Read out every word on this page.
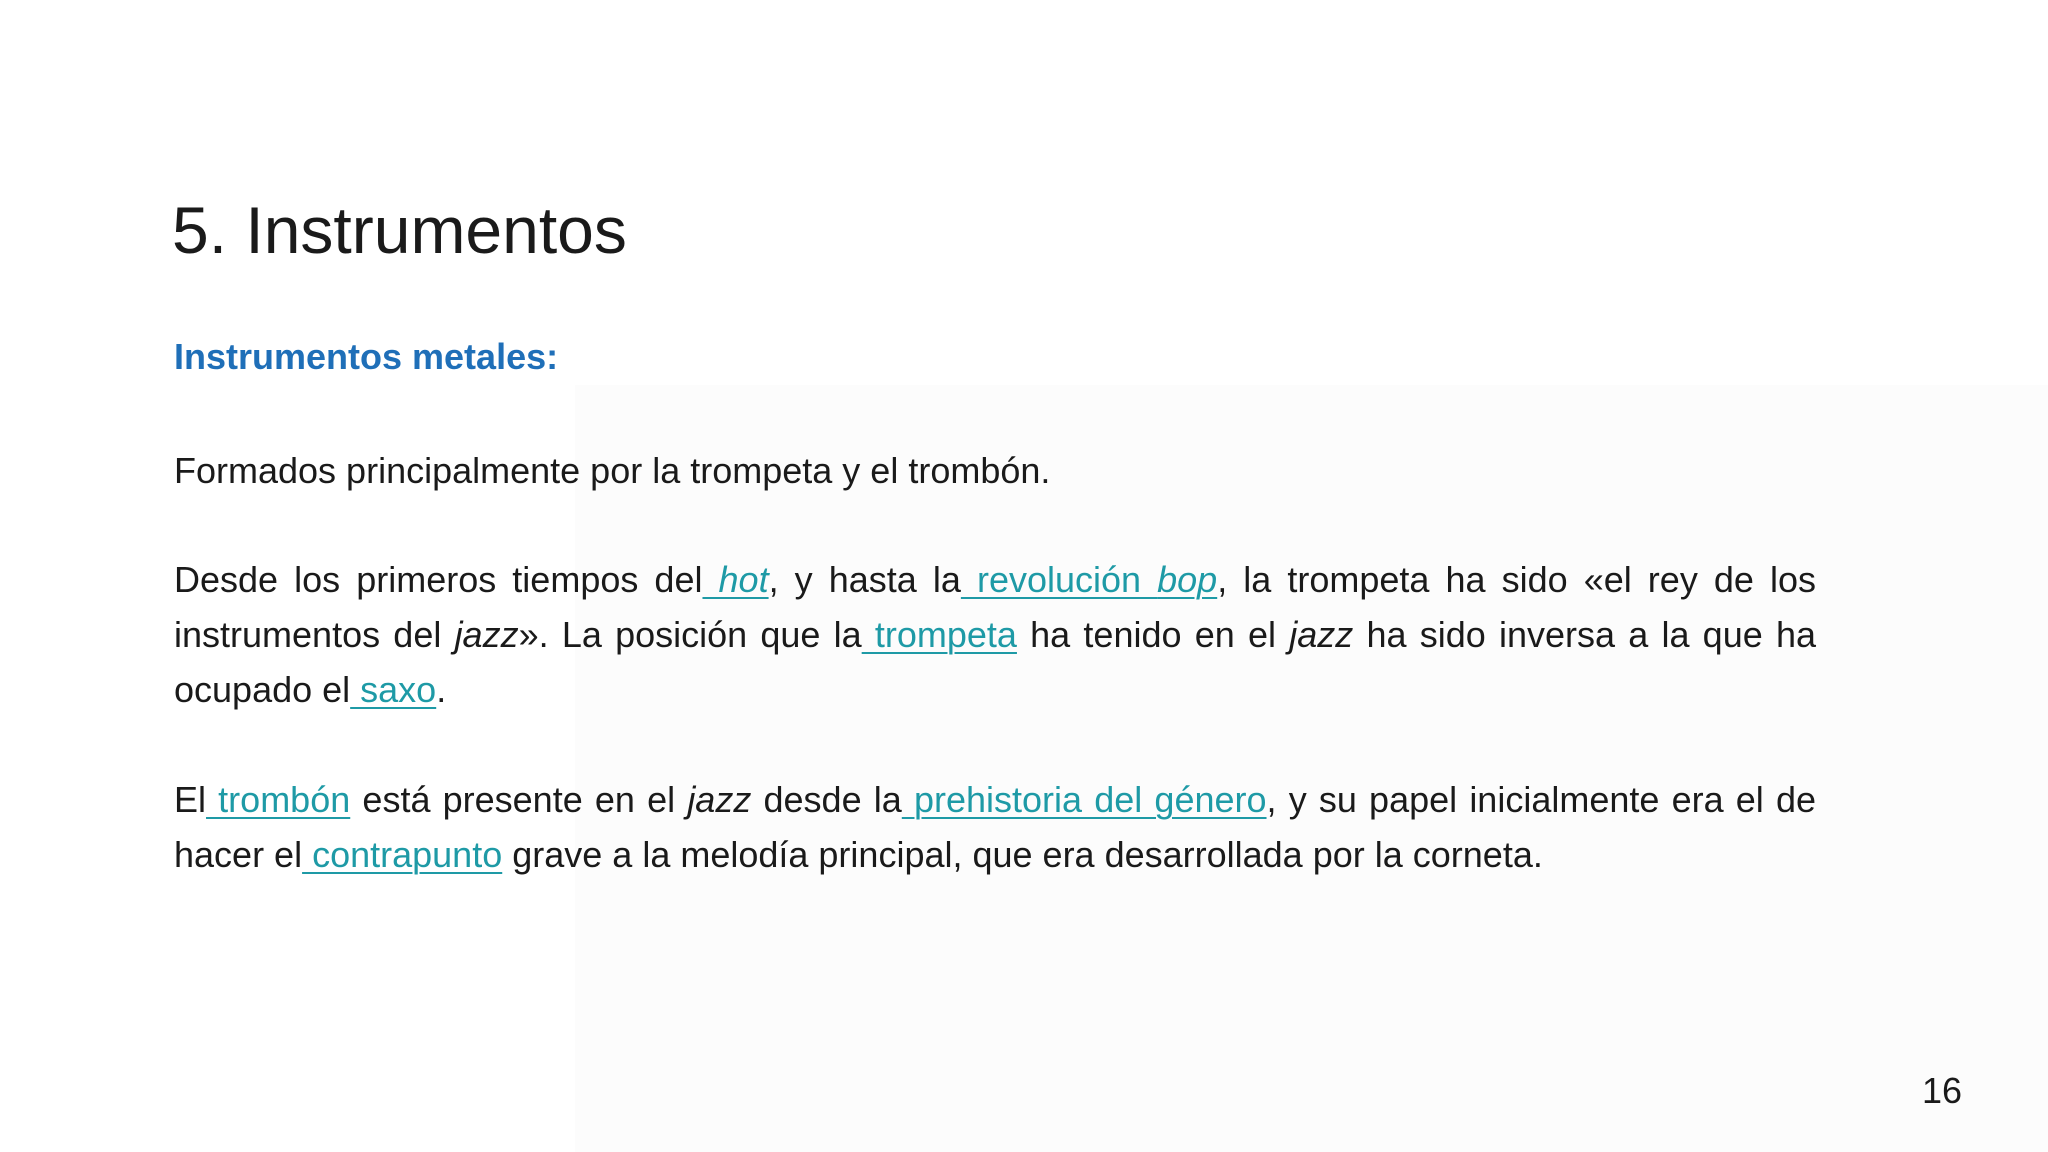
5. Instrumentos
Instrumentos metales:

Formados principalmente por la trompeta y el trombón.

Desde los primeros tiempos del hot, y hasta la revolución bop, la trompeta ha sido «el rey de los instrumentos del jazz». La posición que la trompeta ha tenido en el jazz ha sido inversa a la que ha ocupado el saxo.

El trombón está presente en el jazz desde la prehistoria del género, y su papel inicialmente era el de hacer el contrapunto grave a la melodía principal, que era desarrollada por la corneta.

16
